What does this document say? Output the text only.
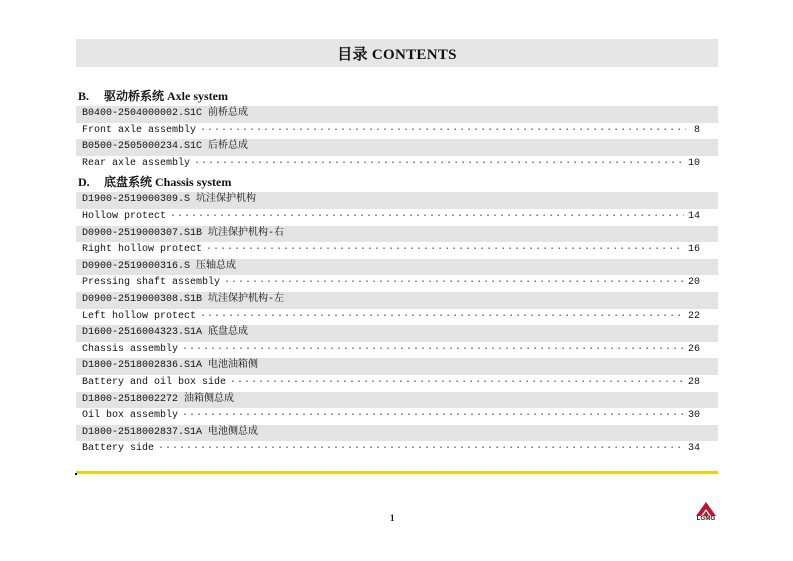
目录 CONTENTS
B. 驱动桥系统 Axle system
B0400-2504000002.S1C 前桥总成
Front axle assembly ·····	8
B0500-2505000234.S1C 后桥总成
Rear axle assembly ·····	10
D. 底盘系统 Chassis system
D1900-2519000309.S 坑洼保护机构
Hollow protect ·····	14
D0900-2519000307.S1B 坑洼保护机构-右
Right hollow protect ·····	16
D0900-2519000316.S 压轴总成
Pressing shaft assembly ·····	20
D0900-2519000308.S1B 坑洼保护机构-左
Left hollow protect ·····	22
D1600-2516004323.S1A 底盘总成
Chassis assembly ·····	26
D1800-2518002836.S1A 电池油箱侧
Battery and oil box side ·····	28
D1800-2518002272 油箱侧总成
Oil box assembly ·····	30
D1800-2518002837.S1A 电池侧总成
Battery side ·····	34
1	LGMG
